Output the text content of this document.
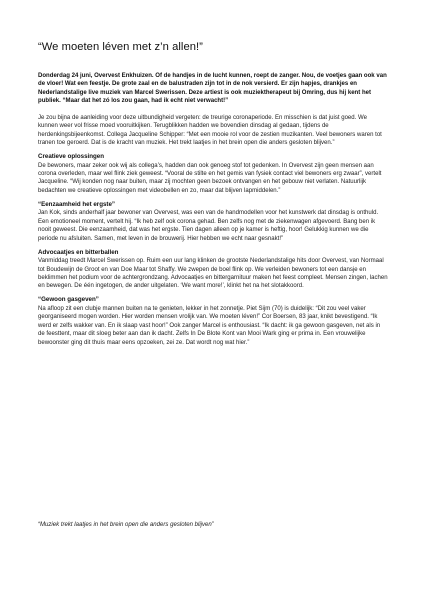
“We moeten léven met z’n allen!”

Donderdag 24 juni, Overvest Enkhuizen. Of de handjes in de lucht kunnen, roept de zanger. Nou, de voetjes gaan ook van de vloer! Wat een feestje. De grote zaal en de balustraden zijn tot in de nok versierd. Er zijn hapjes, drankjes en Nederlandstalige live muziek van Marcel Swerissen. Deze artiest is ook muziektherapeut bij Omring, dus hij kent het publiek. “Maar dat het zó los zou gaan, had ik echt niet verwacht!”

Je zou bijna de aanleiding voor deze uitbundigheid vergeten: de treurige coronaperiode. En misschien is dat juist goed. We kunnen weer vol frisse moed vooruitkijken. Terugblikken hadden we bovendien dinsdag al gedaan, tijdens de herdenkingsbijeenkomst. Collega Jacqueline Schipper: “Met een mooie rol voor de zestien muzikanten. Veel bewoners waren tot tranen toe geroerd. Dat is de kracht van muziek. Het trekt laatjes in het brein open die anders gesloten blijven.”

Creatieve oplossingen

De bewoners, maar zeker ook wij als collega’s, hadden dan ook genoeg stof tot gedenken. In Overvest zijn geen mensen aan corona overleden, maar wel flink ziek geweest. “Vooral de stilte en het gemis van fysiek contact viel bewoners erg zwaar”, vertelt Jacqueline. “Wij konden nog naar buiten, maar zij mochten geen bezoek ontvangen en het gebouw niet verlaten. Natuurlijk bedachten we creatieve oplossingen met videobellen en zo, maar dat blijven lapmiddelen.”

“Eenzaamheid het ergste”

Jan Kok, sinds anderhalf jaar bewoner van Overvest, was een van de handmodellen voor het kunstwerk dat dinsdag is onthuld. Een emotioneel moment, vertelt hij. “Ik heb zelf ook corona gehad. Ben zelfs nog met de ziekenwagen afgevoerd. Bang ben ik nooit geweest. Die eenzaamheid, dat was het ergste. Tien dagen alleen op je kamer is heftig, hoor! Gelukkig kunnen we die periode nu afsluiten. Samen, met leven in de brouwerij. Hier hebben we echt naar gesnakt!”

Advocaatjes en bitterballen

Vanmiddag treedt Marcel Swerissen op. Ruim een uur lang klinken de grootste Nederlandstalige hits door Overvest, van Normaal tot Boudewijn de Groot en van Doe Maar tot Shaffy. We zwepen de boel flink op. We verleiden bewoners tot een dansje en beklimmen het podium voor de achtergrondzang. Advocaatjes en bittergarnituur maken het feest compleet. Mensen zingen, lachen en bewegen. De één ingetogen, de ander uitgelaten. ‘We want more!’, klinkt het na het slotakkoord.

“Gewoon gasgeven”

Na afloop zit een clubje mannen buiten na te genieten, lekker in het zonnetje. Piet Sijm (70) is duidelijk: “Dit zou veel vaker georganiseerd mogen worden. Hier worden mensen vrolijk van. We moeten léven!” Cor Boersen, 83 jaar, knikt bevestigend. “Ik werd er zelfs wakker van. En ik slaap vast hoor!” Ook zanger Marcel is enthousiast. “Ik dacht: ik ga gewoon gasgeven, net als in de feesttent, maar dit sloeg beter aan dan ik dacht. Zelfs In De Blote Kont van Mooi Wark ging er prima in. Een vrouwelijke bewoonster ging dit thuis maar eens opzoeken, zei ze. Dat wordt nog wat hier.”

“Muziek trekt laatjes in het brein open die anders gesloten blijven”
